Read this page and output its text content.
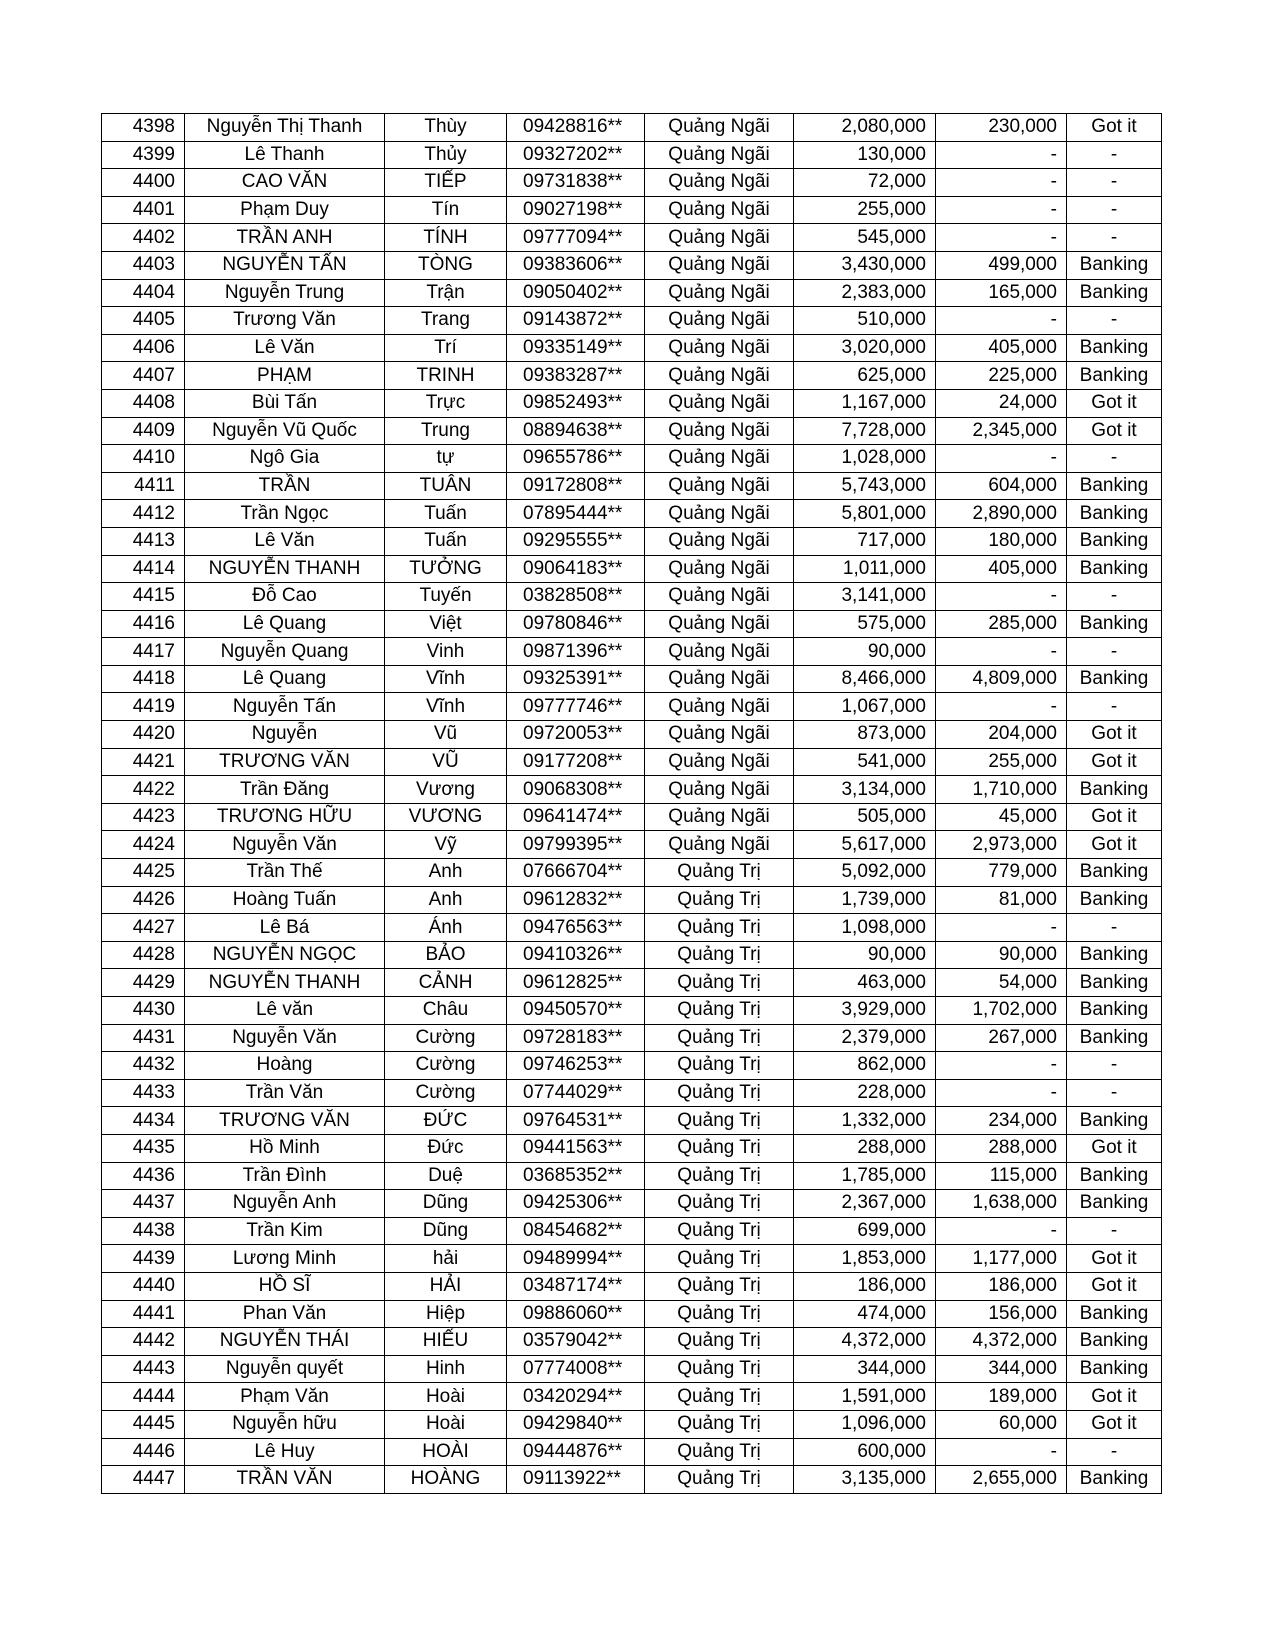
4398	Nguyễn Thị Thanh	Thùy	09428816**	Quảng Ngãi	2,080,000	230,000	Got it
4399	Lê Thanh	Thủy	09327202**	Quảng Ngãi	130,000	-	-
4400	CAO VĂN	TIẾP	09731838**	Quảng Ngãi	72,000	-	-
4401	Phạm Duy	Tín	09027198**	Quảng Ngãi	255,000	-	-
4402	TRẦN ANH	TÍNH	09777094**	Quảng Ngãi	545,000	-	-
4403	NGUYỄN TẤN	TÒNG	09383606**	Quảng Ngãi	3,430,000	499,000	Banking
4404	Nguyễn Trung	Trận	09050402**	Quảng Ngãi	2,383,000	165,000	Banking
4405	Trương Văn	Trang	09143872**	Quảng Ngãi	510,000	-	-
4406	Lê Văn	Trí	09335149**	Quảng Ngãi	3,020,000	405,000	Banking
4407	PHẠM	TRINH	09383287**	Quảng Ngãi	625,000	225,000	Banking
4408	Bùi Tấn	Trực	09852493**	Quảng Ngãi	1,167,000	24,000	Got it
4409	Nguyễn Vũ Quốc	Trung	08894638**	Quảng Ngãi	7,728,000	2,345,000	Got it
4410	Ngô Gia	tự	09655786**	Quảng Ngãi	1,028,000	-	-
4411	TRẦN	TUÂN	09172808**	Quảng Ngãi	5,743,000	604,000	Banking
4412	Trần Ngọc	Tuấn	07895444**	Quảng Ngãi	5,801,000	2,890,000	Banking
4413	Lê Văn	Tuấn	09295555**	Quảng Ngãi	717,000	180,000	Banking
4414	NGUYỄN THANH	TƯỞNG	09064183**	Quảng Ngãi	1,011,000	405,000	Banking
4415	Đỗ Cao	Tuyến	03828508**	Quảng Ngãi	3,141,000	-	-
4416	Lê Quang	Việt	09780846**	Quảng Ngãi	575,000	285,000	Banking
4417	Nguyễn Quang	Vinh	09871396**	Quảng Ngãi	90,000	-	-
4418	Lê Quang	Vĩnh	09325391**	Quảng Ngãi	8,466,000	4,809,000	Banking
4419	Nguyễn Tấn	Vĩnh	09777746**	Quảng Ngãi	1,067,000	-	-
4420	Nguyễn	Vũ	09720053**	Quảng Ngãi	873,000	204,000	Got it
4421	TRƯƠNG VĂN	VŨ	09177208**	Quảng Ngãi	541,000	255,000	Got it
4422	Trần Đăng	Vương	09068308**	Quảng Ngãi	3,134,000	1,710,000	Banking
4423	TRƯƠNG HỮU	VƯƠNG	09641474**	Quảng Ngãi	505,000	45,000	Got it
4424	Nguyễn Văn	Vỹ	09799395**	Quảng Ngãi	5,617,000	2,973,000	Got it
4425	Trần Thế	Anh	07666704**	Quảng Trị	5,092,000	779,000	Banking
4426	Hoàng Tuấn	Anh	09612832**	Quảng Trị	1,739,000	81,000	Banking
4427	Lê Bá	Ánh	09476563**	Quảng Trị	1,098,000	-	-
4428	NGUYỄN NGỌC	BẢO	09410326**	Quảng Trị	90,000	90,000	Banking
4429	NGUYỄN THANH	CẢNH	09612825**	Quảng Trị	463,000	54,000	Banking
4430	Lê văn	Châu	09450570**	Quảng Trị	3,929,000	1,702,000	Banking
4431	Nguyễn Văn	Cường	09728183**	Quảng Trị	2,379,000	267,000	Banking
4432	Hoàng	Cường	09746253**	Quảng Trị	862,000	-	-
4433	Trần Văn	Cường	07744029**	Quảng Trị	228,000	-	-
4434	TRƯƠNG VĂN	ĐỨC	09764531**	Quảng Trị	1,332,000	234,000	Banking
4435	Hồ Minh	Đức	09441563**	Quảng Trị	288,000	288,000	Got it
4436	Trần Đình	Duệ	03685352**	Quảng Trị	1,785,000	115,000	Banking
4437	Nguyễn Anh	Dũng	09425306**	Quảng Trị	2,367,000	1,638,000	Banking
4438	Trần Kim	Dũng	08454682**	Quảng Trị	699,000	-	-
4439	Lương Minh	hải	09489994**	Quảng Trị	1,853,000	1,177,000	Got it
4440	HỒ SĨ	HẢI	03487174**	Quảng Trị	186,000	186,000	Got it
4441	Phan Văn	Hiệp	09886060**	Quảng Trị	474,000	156,000	Banking
4442	NGUYỄN THÁI	HIẾU	03579042**	Quảng Trị	4,372,000	4,372,000	Banking
4443	Nguyễn quyết	Hinh	07774008**	Quảng Trị	344,000	344,000	Banking
4444	Phạm Văn	Hoài	03420294**	Quảng Trị	1,591,000	189,000	Got it
4445	Nguyễn hữu	Hoài	09429840**	Quảng Trị	1,096,000	60,000	Got it
4446	Lê Huy	HOÀI	09444876**	Quảng Trị	600,000	-	-
4447	TRẦN VĂN	HOÀNG	09113922**	Quảng Trị	3,135,000	2,655,000	Banking
